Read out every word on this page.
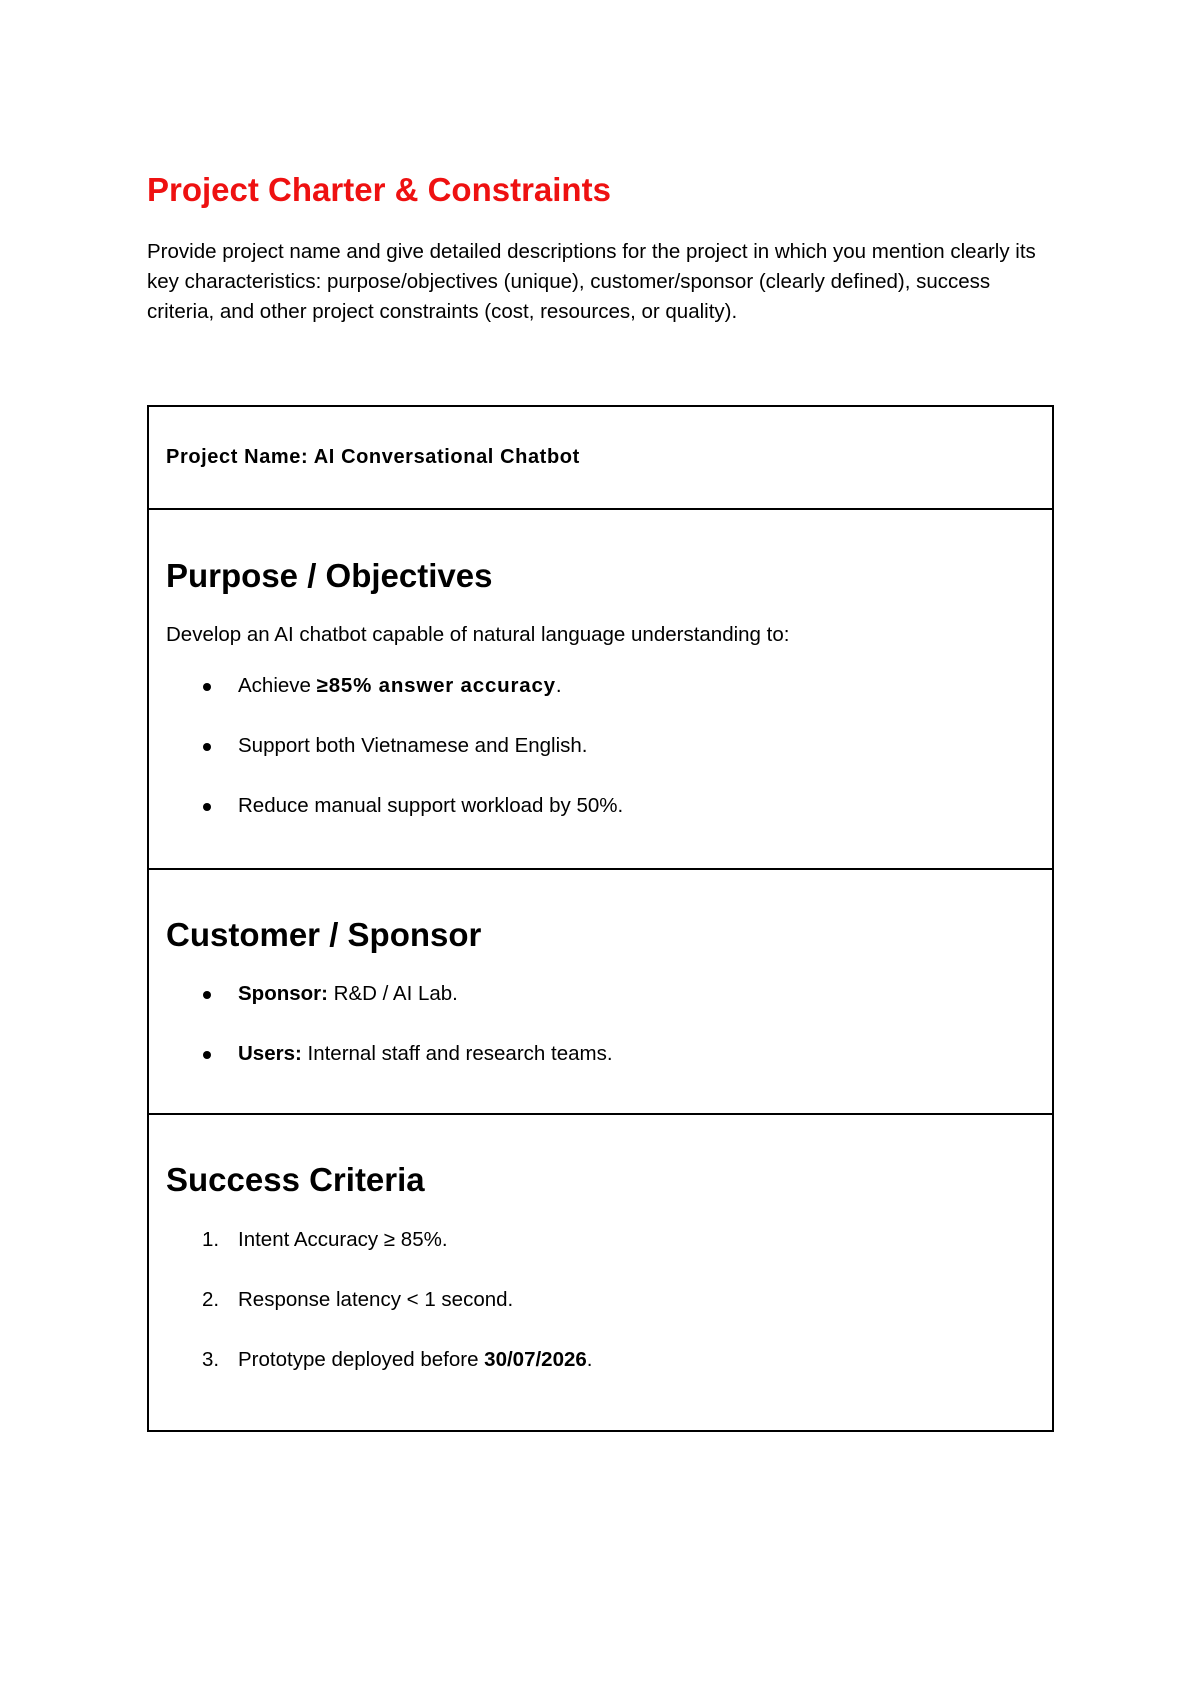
Project Charter & Constraints

Provide project name and give detailed descriptions for the project in which you mention clearly its key characteristics: purpose/objectives (unique), customer/sponsor (clearly defined), success criteria, and other project constraints (cost, resources, or quality).

Project Name: AI Conversational Chatbot

Purpose / Objectives

Develop an AI chatbot capable of natural language understanding to:

Achieve ≥85% answer accuracy.
Support both Vietnamese and English.
Reduce manual support workload by 50%.
Customer / Sponsor
Sponsor: R&D / AI Lab.
Users: Internal staff and research teams.
Success Criteria
1. Intent Accuracy ≥ 85%.
2. Response latency < 1 second.
3. Prototype deployed before 30/07/2026.
